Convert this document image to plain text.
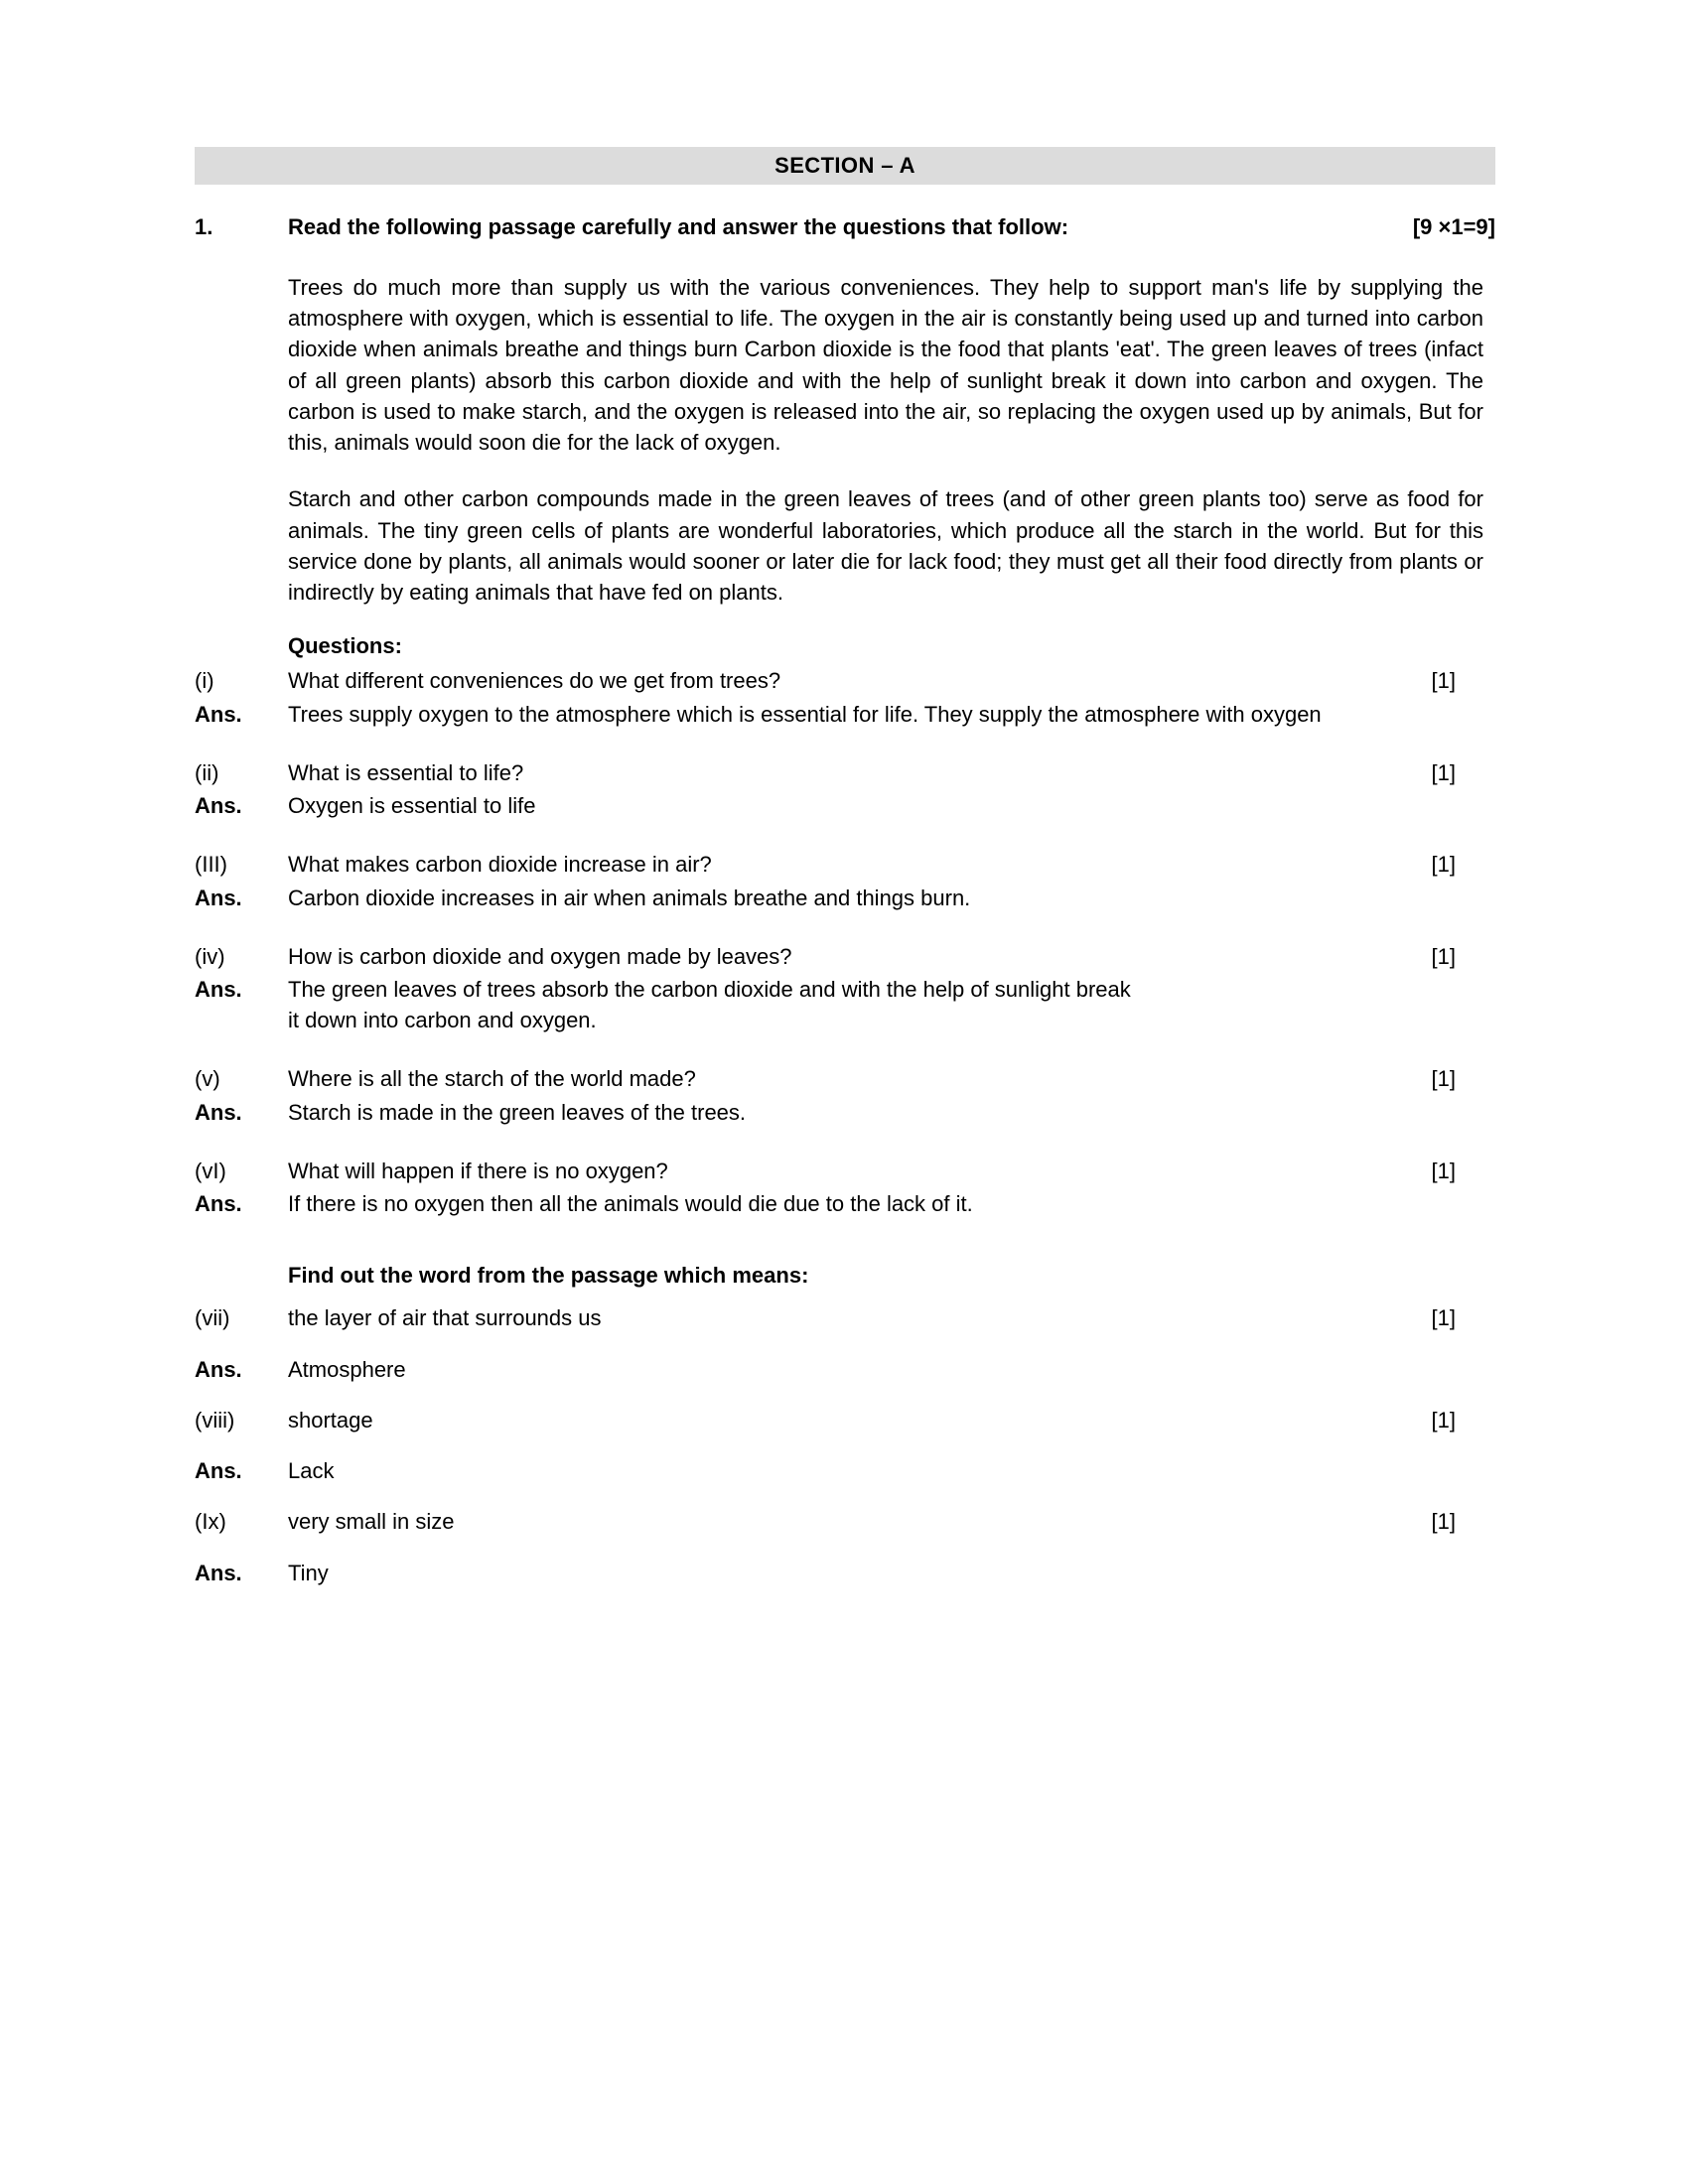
SECTION – A
1.	Read the following passage carefully and answer the questions that follow:	[9 ×1=9]

Trees do much more than supply us with the various conveniences. They help to support man's life by supplying the atmosphere with oxygen, which is essential to life. The oxygen in the air is constantly being used up and turned into carbon dioxide when animals breathe and things burn Carbon dioxide is the food that plants 'eat'. The green leaves of trees (infact of all green plants) absorb this carbon dioxide and with the help of sunlight break it down into carbon and oxygen. The carbon is used to make starch, and the oxygen is released into the air, so replacing the oxygen used up by animals, But for this, animals would soon die for the lack of oxygen.

Starch and other carbon compounds made in the green leaves of trees (and of other green plants too) serve as food for animals. The tiny green cells of plants are wonderful laboratories, which produce all the starch in the world. But for this service done by plants, all animals would sooner or later die for lack food; they must get all their food directly from plants or indirectly by eating animals that have fed on plants.

Questions:
(i)	What different conveniences do we get from trees?	[1]
Ans.	Trees supply oxygen to the atmosphere which is essential for life. They supply the atmosphere with oxygen
(ii)	What is essential to life?	[1]
Ans.	Oxygen is essential to life
(III)	What makes carbon dioxide increase in air?	[1]
Ans.	Carbon dioxide increases in air when animals breathe and things burn.
(iv)	How is carbon dioxide and oxygen made by leaves?	[1]
Ans.	The green leaves of trees absorb the carbon dioxide and with the help of sunlight break
it down into carbon and oxygen.
(v)	Where is all the starch of the world made?	[1]
Ans.	Starch is made in the green leaves of the trees.
(vI)	What will happen if there is no oxygen?	[1]
Ans.	If there is no oxygen then all the animals would die due to the lack of it.
Find out the word from the passage which means:
(vii)	the layer of air that surrounds us	[1]
Ans.	Atmosphere
(viii)	shortage	[1]
Ans.	Lack
(Ix)	very small in size	[1]
Ans.	Tiny
